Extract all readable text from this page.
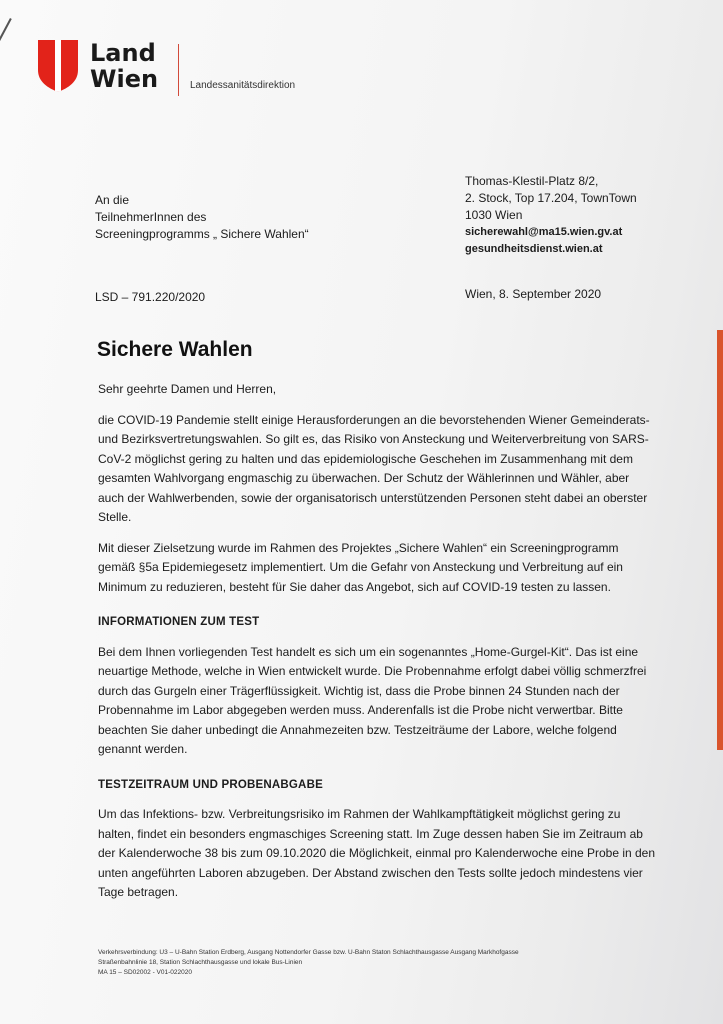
Land
Wien	Landessanitätsdirektion
An die
TeilnehmerInnen des
Screeningprogramms „ Sichere Wahlen“
Thomas-Klestil-Platz 8/2,
2. Stock, Top 17.204, TownTown
1030 Wien
sicherewahl@ma15.wien.gv.at
gesundheitsdienst.wien.at
LSD – 791.220/2020	Wien, 8. September 2020
Sichere Wahlen

Sehr geehrte Damen und Herren,

die COVID-19 Pandemie stellt einige Herausforderungen an die bevorstehenden Wiener Gemeinderats- und Bezirksvertretungswahlen. So gilt es, das Risiko von Ansteckung und Weiterverbreitung von SARS-CoV-2 möglichst gering zu halten und das epidemiologische Geschehen im Zusammenhang mit dem gesamten Wahlvorgang engmaschig zu überwachen. Der Schutz der Wählerinnen und Wähler, aber auch der Wahlwerbenden, sowie der organisatorisch unterstützenden Personen steht dabei an oberster Stelle.

Mit dieser Zielsetzung wurde im Rahmen des Projektes „Sichere Wahlen“ ein Screeningprogramm gemäß §5a Epidemiegesetz implementiert. Um die Gefahr von Ansteckung und Verbreitung auf ein Minimum zu reduzieren, besteht für Sie daher das Angebot, sich auf COVID-19 testen zu lassen.

INFORMATIONEN ZUM TEST

Bei dem Ihnen vorliegenden Test handelt es sich um ein sogenanntes „Home-Gurgel-Kit“. Das ist eine neuartige Methode, welche in Wien entwickelt wurde. Die Probennahme erfolgt dabei völlig schmerzfrei durch das Gurgeln einer Trägerflüssigkeit. Wichtig ist, dass die Probe binnen 24 Stunden nach der Probennahme im Labor abgegeben werden muss. Anderenfalls ist die Probe nicht verwertbar. Bitte beachten Sie daher unbedingt die Annahmezeiten bzw. Testzeiträume der Labore, welche folgend genannt werden.

TESTZEITRAUM UND PROBENABGABE

Um das Infektions- bzw. Verbreitungsrisiko im Rahmen der Wahlkampftätigkeit möglichst gering zu halten, findet ein besonders engmaschiges Screening statt. Im Zuge dessen haben Sie im Zeitraum ab der Kalenderwoche 38 bis zum 09.10.2020 die Möglichkeit, einmal pro Kalenderwoche eine Probe in den unten angeführten Laboren abzugeben. Der Abstand zwischen den Tests sollte jedoch mindestens vier Tage betragen.

Verkehrsverbindung: U3 – U-Bahn Station Erdberg, Ausgang Nottendorfer Gasse bzw. U-Bahn Staton Schlachthausgasse Ausgang Markhofgasse
Straßenbahnlinie 18, Station Schlachthausgasse und lokale Bus-Linien
MA 15 – SD02002 - V01-022020
